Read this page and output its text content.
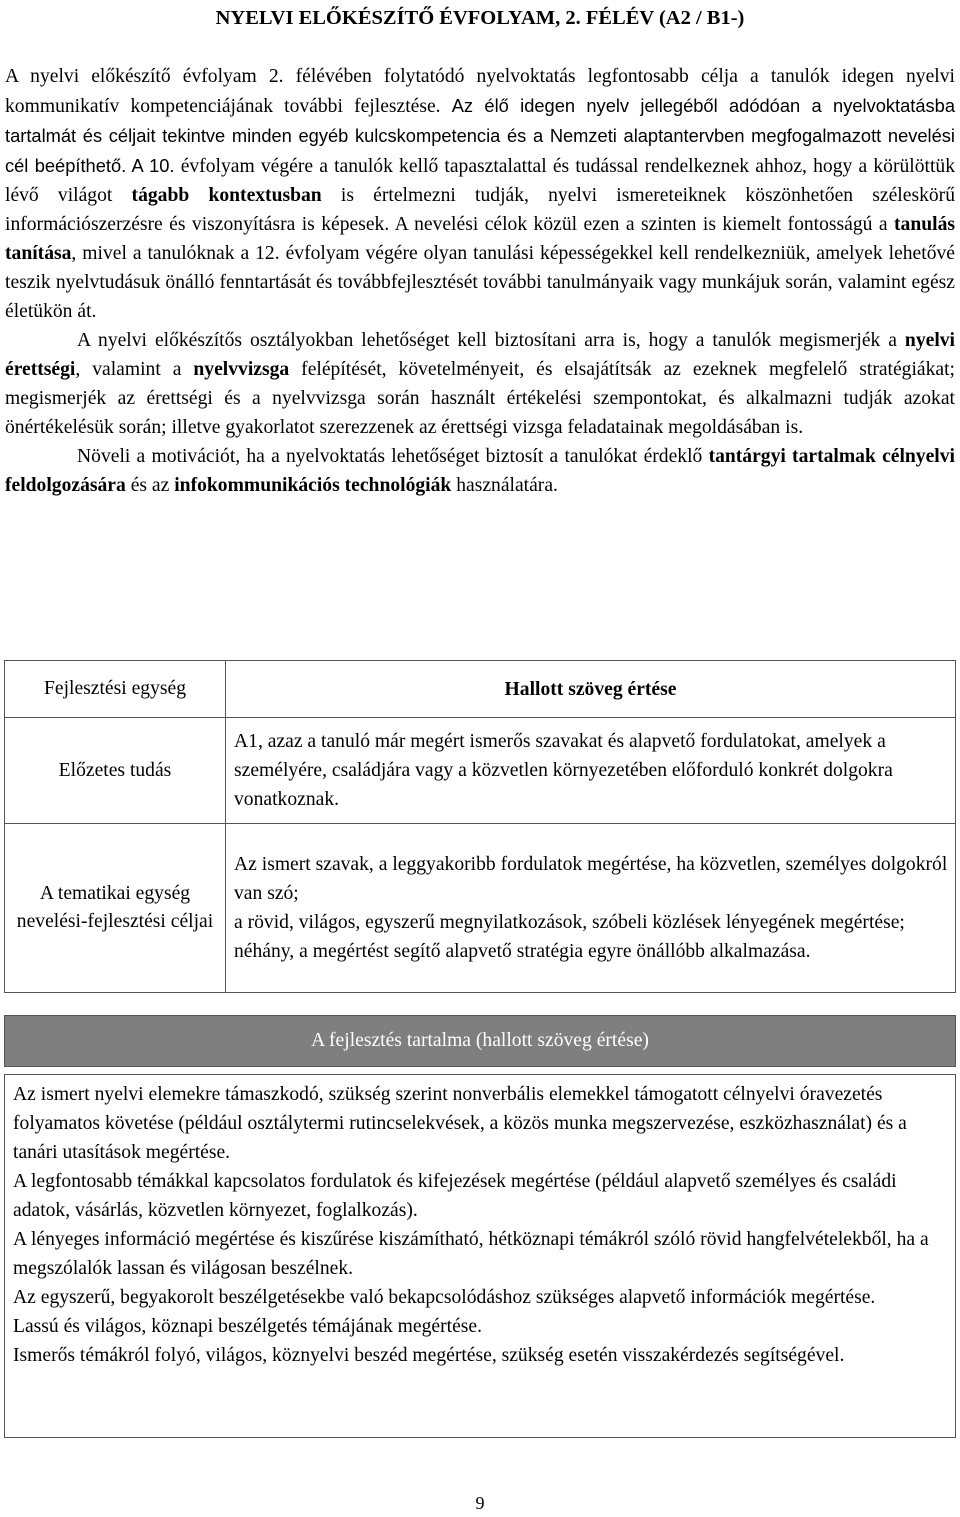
NYELVI ELŐKÉSZÍTŐ ÉVFOLYAM, 2. FÉLÉV (A2 / B1-)

A nyelvi előkészítő évfolyam 2. félévében folytatódó nyelvoktatás legfontosabb célja a tanulók idegen nyelvi kommunikatív kompetenciájának további fejlesztése. Az élő idegen nyelv jellegéből adódóan a nyelvoktatásba tartalmát és céljait tekintve minden egyéb kulcskompetencia és a Nemzeti alaptantervben megfogalmazott nevelési cél beépíthető. A 10. évfolyam végére a tanulók kellő tapasztalattal és tudással rendelkeznek ahhoz, hogy a körülöttük lévő világot tágabb kontextusban is értelmezni tudják, nyelvi ismereteiknek köszönhetően széleskörű információszerzésre és viszonyításra is képesek. A nevelési célok közül ezen a szinten is kiemelt fontosságú a tanulás tanítása, mivel a tanulóknak a 12. évfolyam végére olyan tanulási képességekkel kell rendelkezniük, amelyek lehetővé teszik nyelvtudásuk önálló fenntartását és továbbfejlesztését további tanulmányaik vagy munkájuk során, valamint egész életükön át.

A nyelvi előkészítős osztályokban lehetőséget kell biztosítani arra is, hogy a tanulók megismerjék a nyelvi érettségi, valamint a nyelvvizsga felépítését, követelményeit, és elsajátítsák az ezeknek megfelelő stratégiákat; megismerjék az érettségi és a nyelvvizsga során használt értékelési szempontokat, és alkalmazni tudják azokat önértékelésük során; illetve gyakorlatot szerezzenek az érettségi vizsga feladatainak megoldásában is.

Növeli a motivációt, ha a nyelvoktatás lehetőséget biztosít a tanulókat érdeklő tantárgyi tartalmak célnyelvi feldolgozására és az infokommunikációs technológiák használatára.

Fejlesztési egység	Hallott szöveg értése
Előzetes tudás	A1, azaz a tanuló már megért ismerős szavakat és alapvető fordulatokat, amelyek a személyére, családjára vagy a közvetlen környezetében előforduló konkrét dolgokra vonatkoznak.

A tematikai egység nevelési-fejlesztési céljai	Az ismert szavak, a leggyakoribb fordulatok megértése, ha közvetlen, személyes dolgokról van szó;
a rövid, világos, egyszerű megnyilatkozások, szóbeli közlések lényegének megértése;
néhány, a megértést segítő alapvető stratégia egyre önállóbb alkalmazása.
A fejlesztés tartalma (hallott szöveg értése)

Az ismert nyelvi elemekre támaszkodó, szükség szerint nonverbális elemekkel támogatott célnyelvi óravezetés folyamatos követése (például osztálytermi rutincselekvések, a közös munka megszervezése, eszközhasználat) és a tanári utasítások megértése.

A legfontosabb témákkal kapcsolatos fordulatok és kifejezések megértése (például alapvető személyes és családi adatok, vásárlás, közvetlen környezet, foglalkozás).

A lényeges információ megértése és kiszűrése kiszámítható, hétköznapi témákról szóló rövid hangfelvételekből, ha a megszólalók lassan és világosan beszélnek.

Az egyszerű, begyakorolt beszélgetésekbe való bekapcsolódáshoz szükséges alapvető információk megértése.

Lassú és világos, köznapi beszélgetés témájának megértése.

Ismerős témákról folyó, világos, köznyelvi beszéd megértése, szükség esetén visszakérdezés segítségével.

9
